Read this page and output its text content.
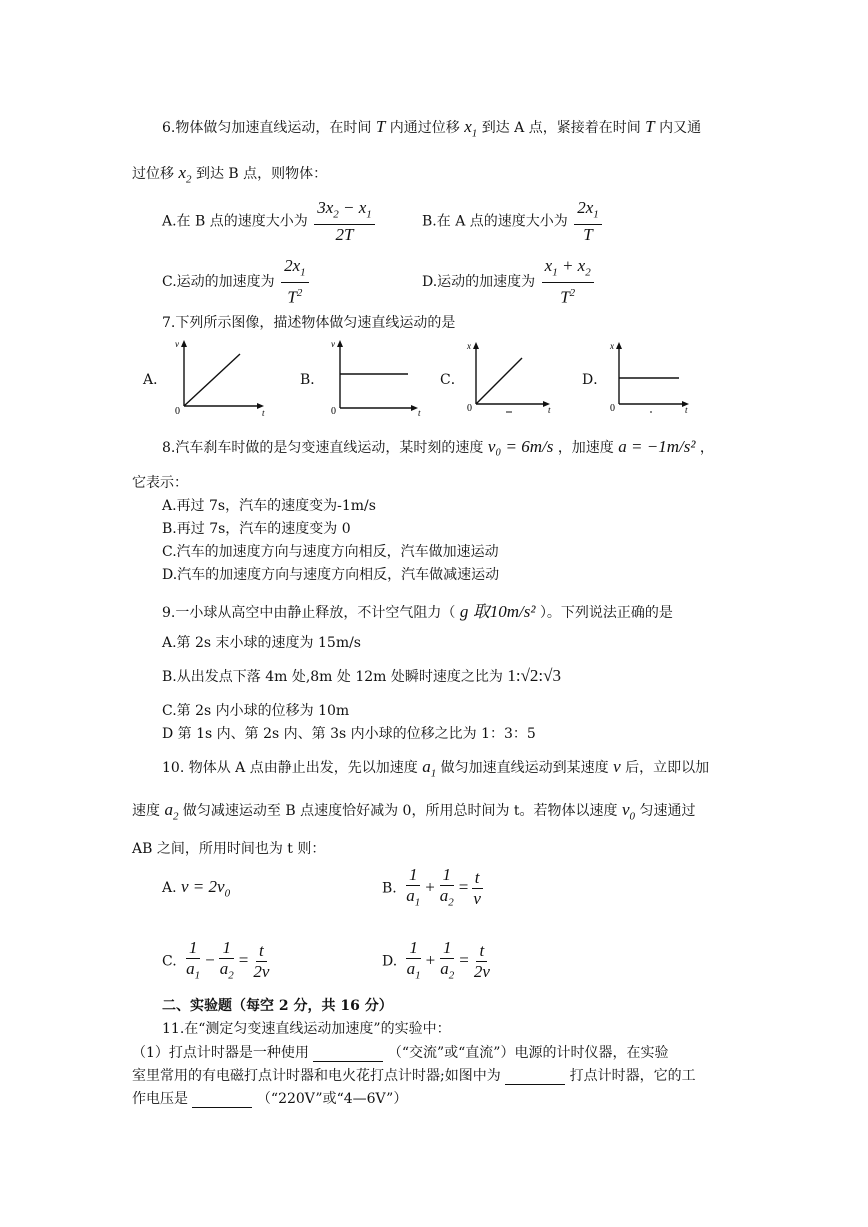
6.物体做匀加速直线运动，在时间 T 内通过位移 $x_1$ 到达 A 点，紧接着在时间 T 内又通
过位移 $x_2$ 到达 B 点，则物体：
A.在 B 点的速度大小为 $\frac{3x_2 - x_1}{2T}$	B.在 A 点的速度大小为 $\frac{2x_1}{T}$
C.运动的加速度为 $\frac{2x_1}{T^2}$	D.运动的加速度为 $\frac{x_1 + x_2}{T^2}$
7.下列所示图像，描述物体做匀速直线运动的是
A．
v
0	t
B．
v
0	t
C．
x
0	t
D．
x
0	t
8.汽车刹车时做的是匀变速直线运动，某时刻的速度 v₀ = 6m/s ，加速度 a = −1m/s² ，
它表示：
A.再过 7s，汽车的速度变为-1m/s
B.再过 7s，汽车的速度变为 0
C.汽车的加速度方向与速度方向相反，汽车做加速运动
D.汽车的加速度方向与速度方向相反，汽车做减速运动
9.一小球从高空中由静止释放，不计空气阻力（ g 取10m/s² ）。下列说法正确的是
A.第 2s 末小球的速度为 15m/s
B.从出发点下落 4m 处,8m 处 12m 处瞬时速度之比为 1:√2:√3
C.第 2s 内小球的位移为 10m
D 第 1s 内、第 2s 内、第 3s 内小球的位移之比为 1：3：5
10. 物体从 A 点由静止出发，先以加速度 $a_1$ 做匀加速直线运动到某速度 v 后，立即以加
速度 $a_2$ 做匀减速运动至 B 点速度恰好减为 0，所用总时间为 t。若物体以速度 $v_0$ 匀速通过
AB 之间，所用时间也为 t 则：
A. $v = 2v_0$	B. $\frac{1}{a_1} + \frac{1}{a_2} = \frac{t}{v}$
C. $\frac{1}{a_1} - \frac{1}{a_2} = \frac{t}{2v}$	D. $\frac{1}{a_1} + \frac{1}{a_2} = \frac{t}{2v}$
二、实验题（每空 2 分，共 16 分）
11.在“测定匀变速直线运动加速度”的实验中：
（1）打点计时器是一种使用	（“交流”或“直流”）电源的计时仪器，在实验
室里常用的有电磁打点计时器和电火花打点计时器;如图中为	打点计时器，它的工
作电压是	（“220V”或“4—6V”）
